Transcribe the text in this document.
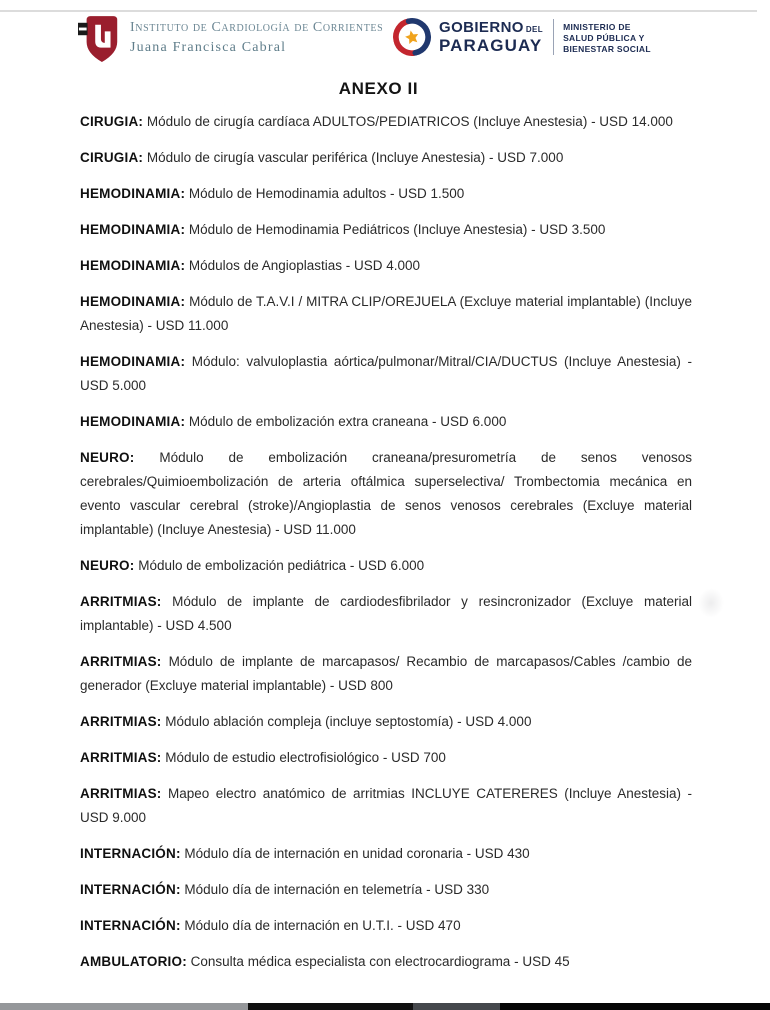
Instituto de Cardiología de Corrientes
Juana Francisca Cabral
GOBIERNO DEL
PARAGUAY
MINISTERIO DE
SALUD PÚBLICA Y
BIENESTAR SOCIAL
ANEXO II

CIRUGIA: Módulo de cirugía cardíaca ADULTOS/PEDIATRICOS (Incluye Anestesia) - USD 14.000

CIRUGIA: Módulo de cirugía vascular periférica (Incluye Anestesia) - USD 7.000

HEMODINAMIA: Módulo de Hemodinamia adultos - USD 1.500

HEMODINAMIA: Módulo de Hemodinamia Pediátricos (Incluye Anestesia) - USD 3.500

HEMODINAMIA: Módulos de Angioplastias - USD 4.000

HEMODINAMIA: Módulo de T.A.V.I / MITRA CLIP/OREJUELA (Excluye material implantable) (Incluye Anestesia) - USD 11.000

HEMODINAMIA: Módulo: valvuloplastia aórtica/pulmonar/Mitral/CIA/DUCTUS (Incluye Anestesia) - USD 5.000

HEMODINAMIA: Módulo de embolización extra craneana - USD 6.000

NEURO: Módulo de embolización craneana/presurometría de senos venosos cerebrales/Quimioembolización de arteria oftálmica superselectiva/ Trombectomia mecánica en evento vascular cerebral (stroke)/Angioplastia de senos venosos cerebrales (Excluye material implantable) (Incluye Anestesia) - USD 11.000

NEURO: Módulo de embolización pediátrica - USD 6.000

ARRITMIAS: Módulo de implante de cardiodesfibrilador y resincronizador (Excluye material implantable) - USD 4.500

ARRITMIAS: Módulo de implante de marcapasos/ Recambio de marcapasos/Cables /cambio de generador (Excluye material implantable) - USD 800

ARRITMIAS: Módulo ablación compleja (incluye septostomía) - USD 4.000

ARRITMIAS: Módulo de estudio electrofisiológico - USD 700

ARRITMIAS: Mapeo electro anatómico de arritmias INCLUYE CATERERES (Incluye Anestesia) - USD 9.000

INTERNACIÓN: Módulo día de internación en unidad coronaria - USD 430

INTERNACIÓN: Módulo día de internación en telemetría - USD 330

INTERNACIÓN: Módulo día de internación en U.T.I. - USD 470

AMBULATORIO: Consulta médica especialista con electrocardiograma - USD 45
